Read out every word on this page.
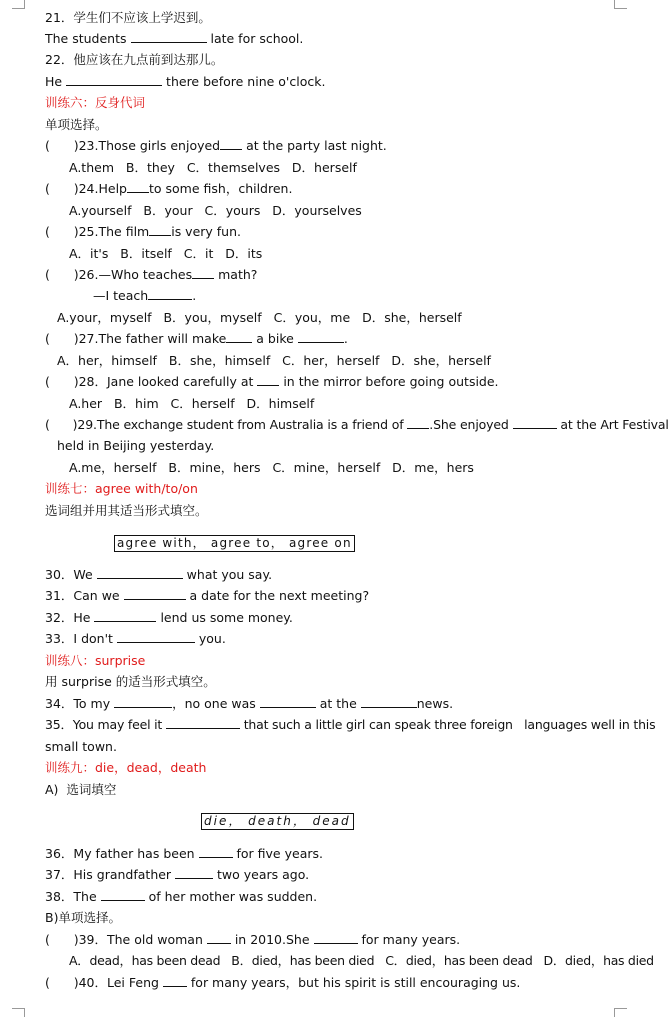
21．学生们不应该上学迟到。
The students	late for school.
22．他应该在九点前到达那儿。
He	there before nine o'clock.
训练六：反身代词
单项选择。
(      )23.Those girls enjoyed at the party last night.
A.them   B．they   C．themselves   D．herself
(      )24.Help to some fish，children.
A.yourself   B．your   C．yours   D．yourselves
(      )25.The film is very fun.
A．it's   B．itself   C．it   D．its
(      )26.—Who teaches math?
—I teach	.
A.your，myself   B．you，myself   C．you，me   D．she，herself
(      )27.The father will make a bike	.
A．her，himself   B．she，himself   C．her，herself   D．she，herself
(      )28．Jane looked carefully at  in the mirror before going outside.
A.her   B．him   C．herself   D．himself
(      )29.The exchange student from Australia is a friend of .She enjoyed	at the Art Festival
held in Beijing yesterday.
A.me，herself   B．mine，hers   C．mine，herself   D．me，hers
训练七：agree with/to/on
选词组并用其适当形式填空。
agree with， agree to， agree on
30．We	what you say.
31．Can we	a date for the next meeting?
32．He	lend us some money.
33．I don't	you.
训练八：surprise
用 surprise 的适当形式填空。
34．To my	，no one was	at the	news.
35．You may feel it	that such a little girl can speak three foreign   languages well in this
small town.
训练九：die，dead，death
A)  选词填空
die， death， dead
36．My father has been	for five years.
37．His grandfather	two years ago.
38．The	of her mother was sudden.
B)单项选择。
(      )39．The old woman  in 2010.She	for many years.
A．dead，has been dead   B．died，has been died   C．died，has been dead   D．died，has died
(      )40．Lei Feng  for many years，but his spirit is still encouraging us.
